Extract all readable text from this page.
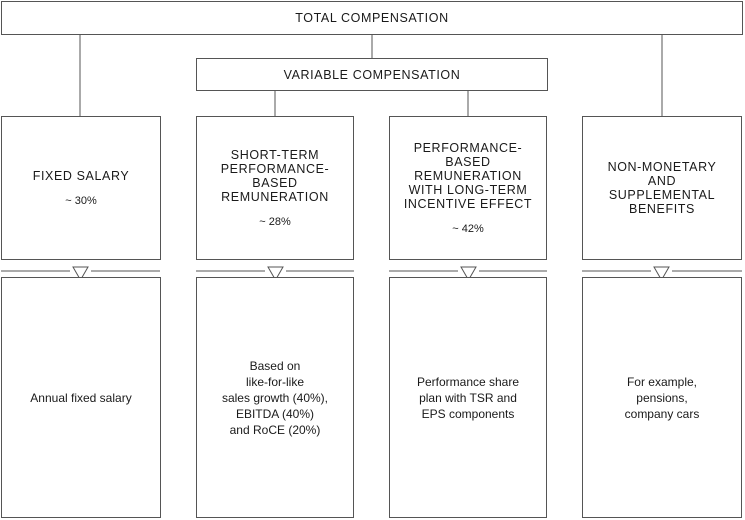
TOTAL COMPENSATION
VARIABLE COMPENSATION
FIXED SALARY
~ 30%
SHORT-TERM
PERFORMANCE-
BASED
REMUNERATION
~ 28%
PERFORMANCE-
BASED
REMUNERATION
WITH LONG-TERM
INCENTIVE EFFECT
~ 42%
NON-MONETARY
AND
SUPPLEMENTAL
BENEFITS
Annual fixed salary
Based on
like-for-like
sales growth (40%),
EBITDA (40%)
and RoCE (20%)
Performance share
plan with TSR and
EPS components
For example,
pensions,
company cars
